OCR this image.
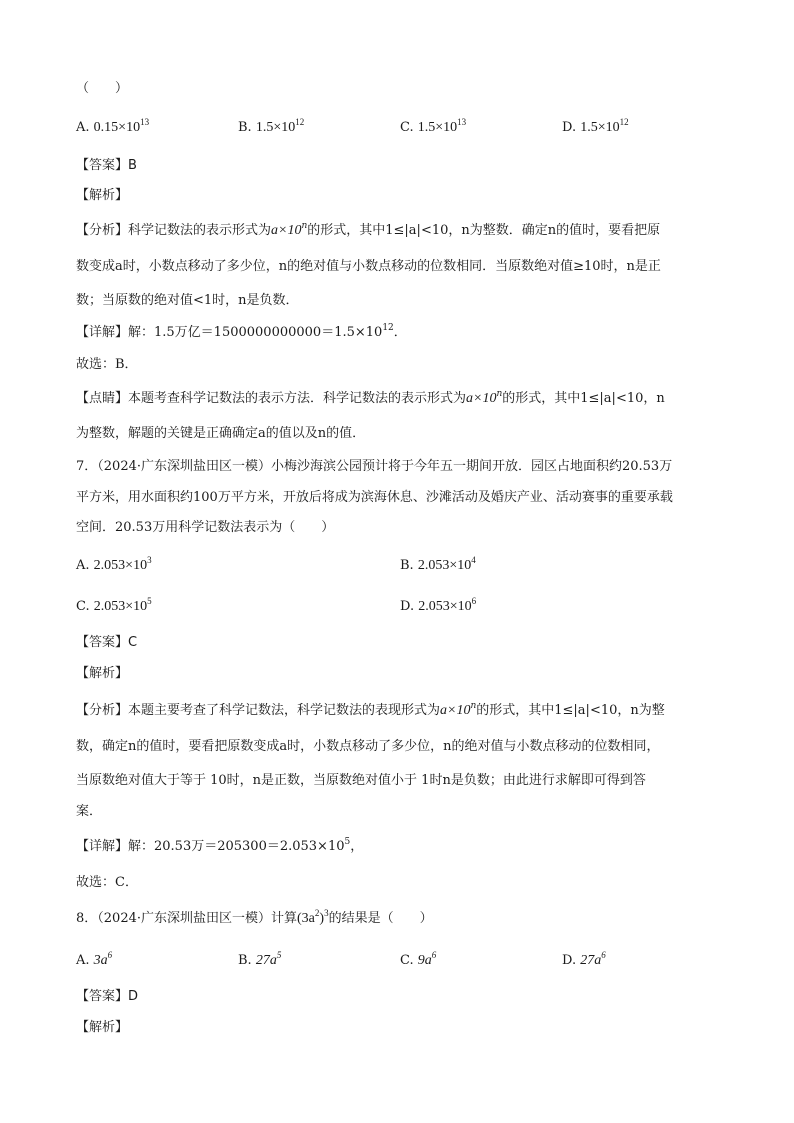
（　　）
A. $0.15\times 10^{13}$	B. $1.5\times 10^{12}$	C. $1.5\times 10^{13}$	D. $1.5\times 10^{12}$
【答案】B
【解析】
【分析】科学记数法的表示形式为$a\times 10^n$的形式，其中1≤|a|<10，n为整数．确定n的值时，要看把原
数变成a时，小数点移动了多少位，n的绝对值与小数点移动的位数相同．当原数绝对值≥10时，n是正
数；当原数的绝对值<1时，n是负数．
【详解】解：1.5万亿$=1500000000000=1.5\times 10^{12}$．
故选：B．
【点睛】本题考查科学记数法的表示方法．科学记数法的表示形式为$a\times 10^n$的形式，其中1≤|a|<10，n
为整数，解题的关键是正确确定a的值以及n的值．
7．（2024·广东深圳盐田区一模）小梅沙海滨公园预计将于今年五一期间开放．园区占地面积约20.53万
平方米，用水面积约100万平方米，开放后将成为滨海休息、沙滩活动及婚庆产业、活动赛事的重要承载
空间．20.53万用科学记数法表示为（　　）
A. $2.053\times 10^3$	B. $2.053\times 10^4$
C. $2.053\times 10^5$	D. $2.053\times 10^6$
【答案】C
【解析】
【分析】本题主要考查了科学记数法，科学记数法的表现形式为$a\times 10^n$的形式，其中1≤|a|<10，n为整
数，确定n的值时，要看把原数变成a时，小数点移动了多少位，n的绝对值与小数点移动的位数相同，
当原数绝对值大于等于 10时，n是正数，当原数绝对值小于 1时n是负数；由此进行求解即可得到答
案．
【详解】解：20.53万$=205300=2.053\times 10^5$，
故选：C．
8．（2024·广东深圳盐田区一模）计算$(3a^2)^3$的结果是（　　）
A. $3a^6$	B. $27a^5$	C. $9a^6$	D. $27a^6$
【答案】D
【解析】
